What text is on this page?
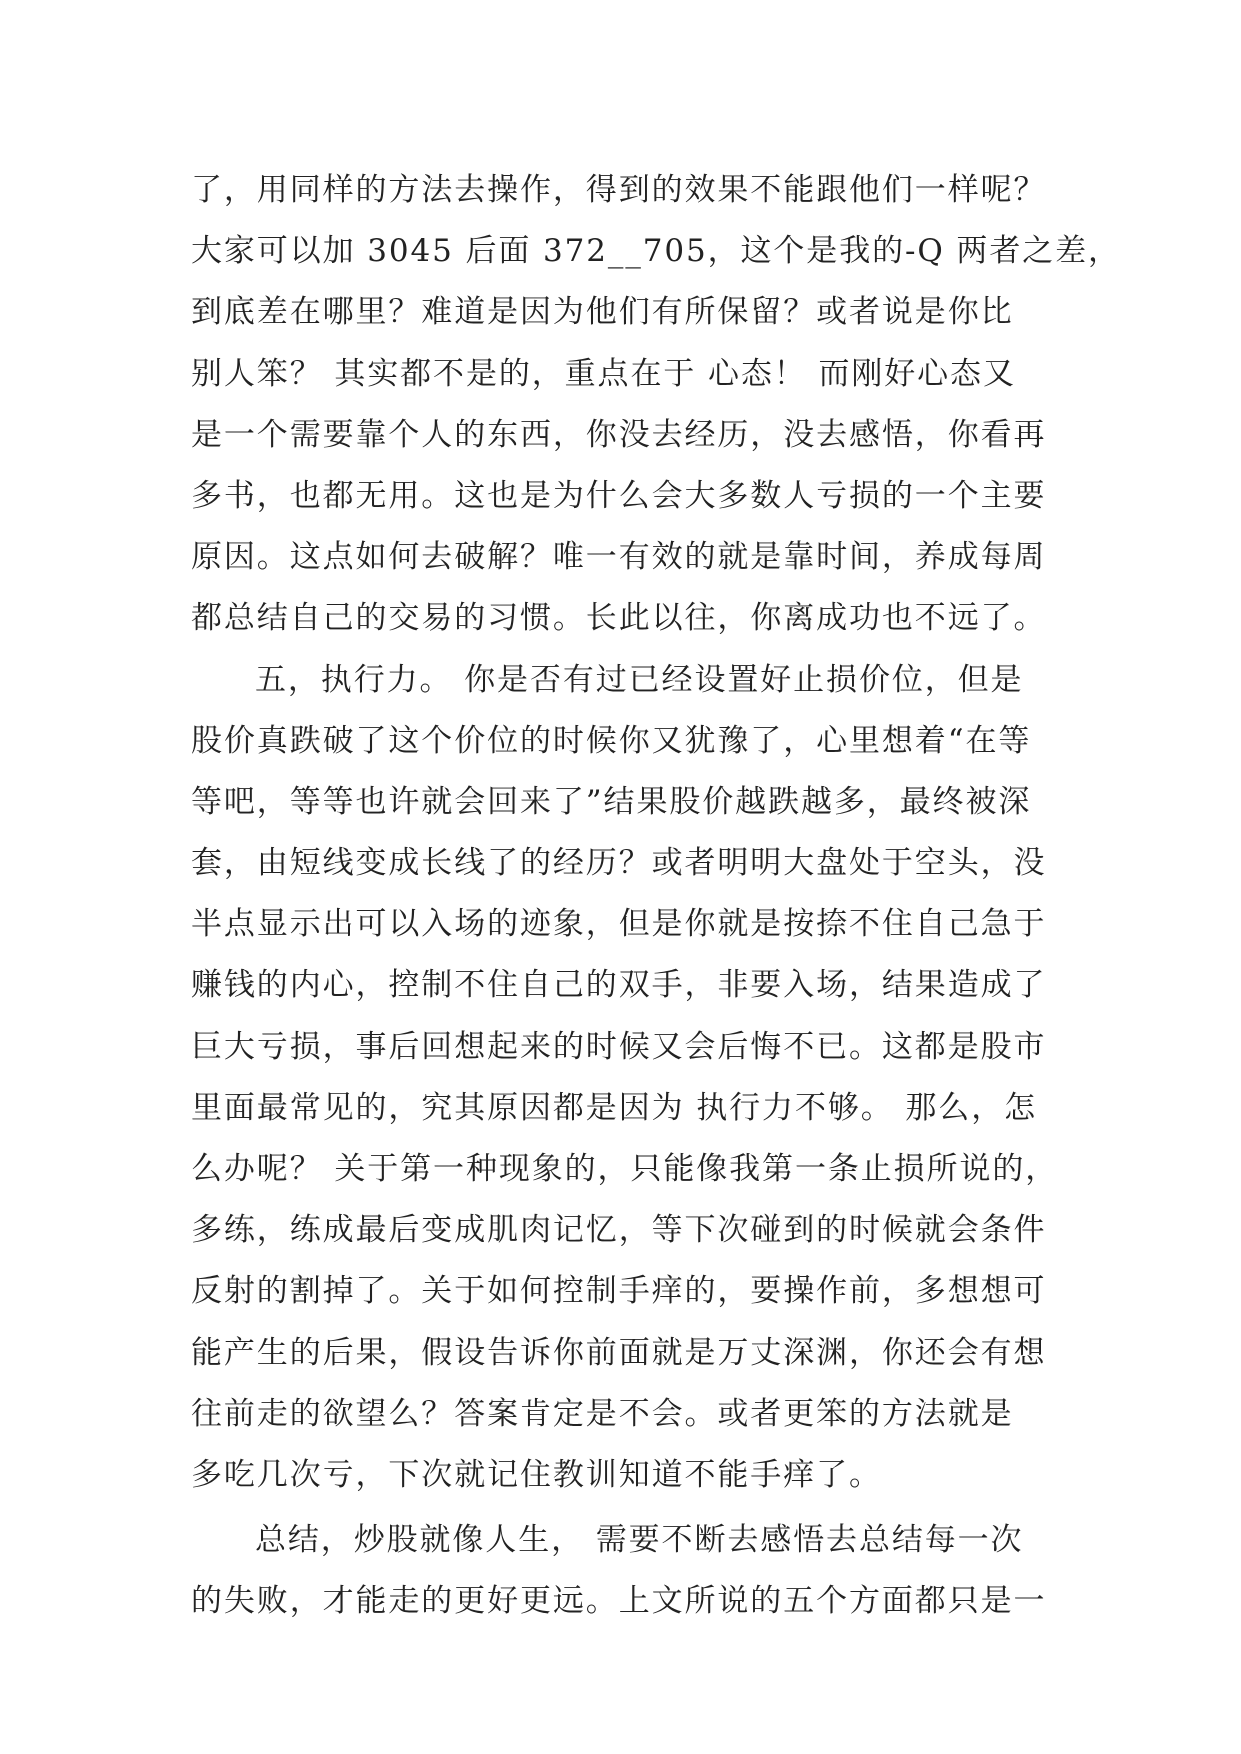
了，用同样的方法去操作，得到的效果不能跟他们一样呢？
大家可以加 3045 后面 372__705，这个是我的-Q 两者之差，
到底差在哪里？难道是因为他们有所保留？或者说是你比
别人笨？ 其实都不是的，重点在于 心态！ 而刚好心态又
是一个需要靠个人的东西，你没去经历，没去感悟，你看再
多书，也都无用。这也是为什么会大多数人亏损的一个主要
原因。这点如何去破解？唯一有效的就是靠时间，养成每周
都总结自己的交易的习惯。长此以往，你离成功也不远了。
五，执行力。 你是否有过已经设置好止损价位，但是
股价真跌破了这个价位的时候你又犹豫了，心里想着“在等
等吧，等等也许就会回来了”结果股价越跌越多，最终被深
套，由短线变成长线了的经历？或者明明大盘处于空头，没
半点显示出可以入场的迹象，但是你就是按捺不住自己急于
赚钱的内心，控制不住自己的双手，非要入场，结果造成了
巨大亏损，事后回想起来的时候又会后悔不已。这都是股市
里面最常见的，究其原因都是因为 执行力不够。 那么，怎
么办呢？ 关于第一种现象的，只能像我第一条止损所说的，
多练，练成最后变成肌肉记忆，等下次碰到的时候就会条件
反射的割掉了。关于如何控制手痒的，要操作前，多想想可
能产生的后果，假设告诉你前面就是万丈深渊，你还会有想
往前走的欲望么？答案肯定是不会。或者更笨的方法就是
多吃几次亏，下次就记住教训知道不能手痒了。
总结，炒股就像人生， 需要不断去感悟去总结每一次
的失败，才能走的更好更远。上文所说的五个方面都只是一
